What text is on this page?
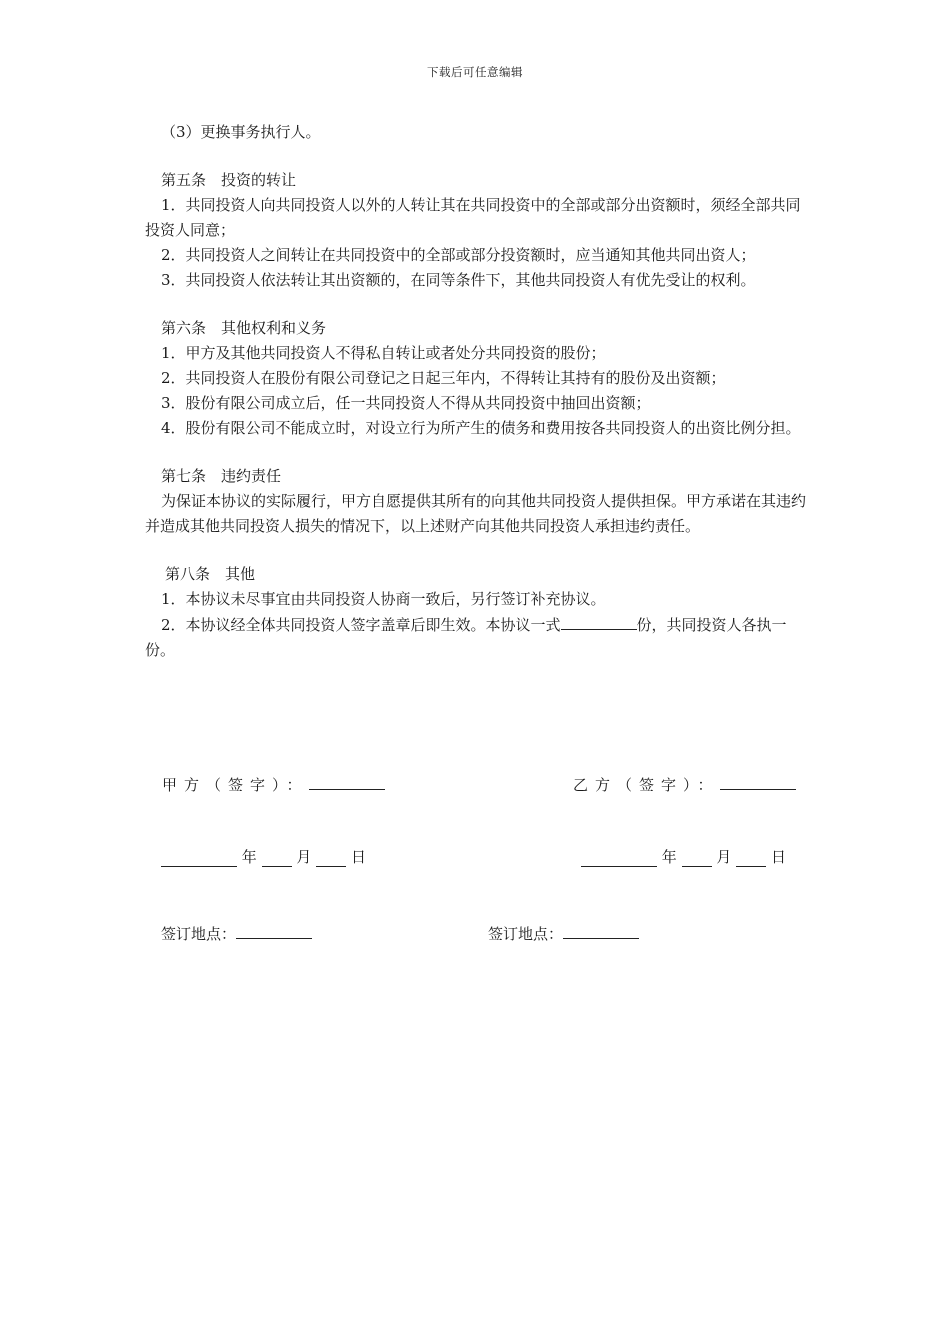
下载后可任意编辑

（3）更换事务执行人。

第五条　投资的转让

1．共同投资人向共同投资人以外的人转让其在共同投资中的全部或部分出资额时，须经全部共同投资人同意；

2．共同投资人之间转让在共同投资中的全部或部分投资额时，应当通知其他共同出资人；

3．共同投资人依法转让其出资额的，在同等条件下，其他共同投资人有优先受让的权利。

第六条　其他权利和义务

1．甲方及其他共同投资人不得私自转让或者处分共同投资的股份；

2．共同投资人在股份有限公司登记之日起三年内，不得转让其持有的股份及出资额；

3．股份有限公司成立后，任一共同投资人不得从共同投资中抽回出资额；

4．股份有限公司不能成立时，对设立行为所产生的债务和费用按各共同投资人的出资比例分担。

第七条　违约责任

为保证本协议的实际履行，甲方自愿提供其所有的向其他共同投资人提供担保。甲方承诺在其违约并造成其他共同投资人损失的情况下，以上述财产向其他共同投资人承担违约责任。

第八条　其他

1．本协议未尽事宜由共同投资人协商一致后，另行签订补充协议。

2．本协议经全体共同投资人签字盖章后即生效。本协议一式	份，共同投资人各执一份。

甲方（签字）：	乙方（签字）：
年	月	日	年	月	日
签订地点：	签订地点：
